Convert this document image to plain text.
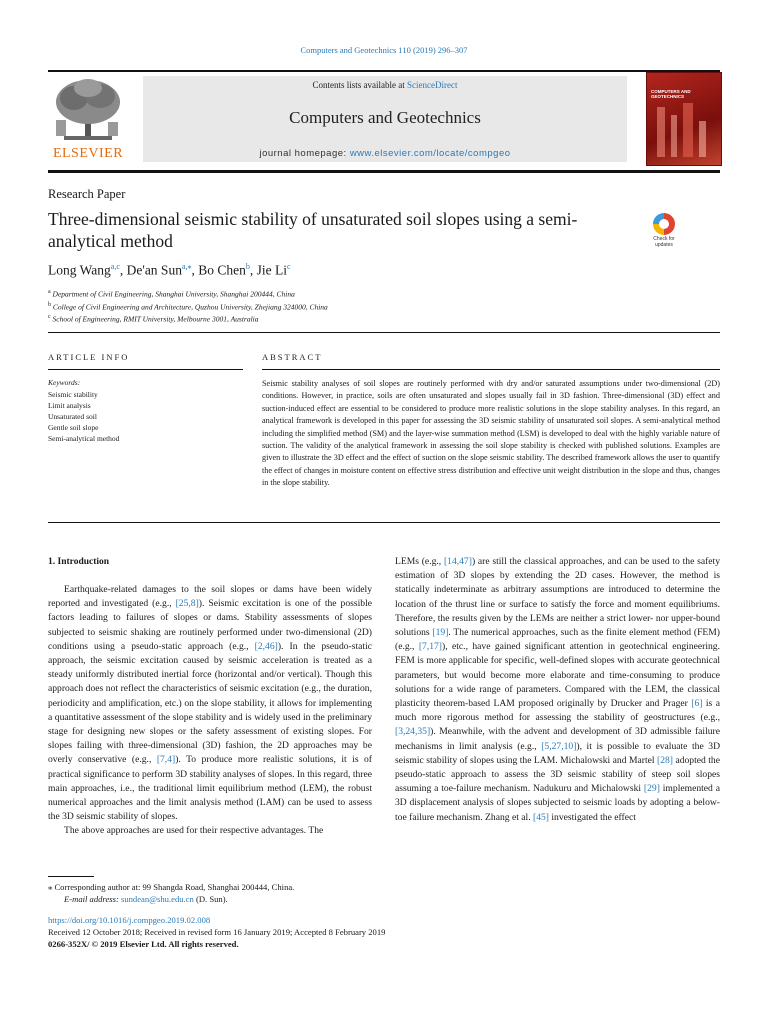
Computers and Geotechnics 110 (2019) 296–307
ELSEVIER
Contents lists available at ScienceDirect
Computers and Geotechnics
journal homepage: www.elsevier.com/locate/compgeo
COMPUTERS AND GEOTECHNICS
Research Paper
Three-dimensional seismic stability of unsaturated soil slopes using a semi-analytical method	Check for updates
Long Wang$^{a,c}$, De'an Sun$^{a,⁎}$, Bo Chen$^b$, Jie Li$^c$
$^a$ Department of Civil Engineering, Shanghai University, Shanghai 200444, China
$^b$ College of Civil Engineering and Architecture, Quzhou University, Zhejiang 324000, China
$^c$ School of Engineering, RMIT University, Melbourne 3001, Australia
ARTICLE INFO	ABSTRACT
Keywords:
Seismic stability
Limit analysis
Unsaturated soil
Gentle soil slope
Semi-analytical method
Seismic stability analyses of soil slopes are routinely performed with dry and/or saturated assumptions under two-dimensional (2D) conditions. However, in practice, soils are often unsaturated and slopes usually fail in 3D fashion. Three-dimensional (3D) effect and suction-induced effect are essential to be considered to produce more realistic solutions in the slope stability analyses. In this regard, an analytical framework is developed in this paper for assessing the 3D seismic stability of unsaturated soil slopes. A semi-analytical method including the simplified method (SM) and the layer-wise summation method (LSM) is developed to deal with the highly variable nature of suction. The validity of the analytical framework in assessing the soil slope stability is checked with published solutions. Examples are given to illustrate the 3D effect and the effect of suction on the slope seismic stability. The described framework allows the user to quantify the effect of changes in moisture content on effective stress distribution and effective unit weight distribution in the slope and thus, changes in the slope stability.
1. Introduction

Earthquake-related damages to the soil slopes or dams have been widely reported and investigated (e.g., [25,8]). Seismic excitation is one of the possible factors leading to failures of slopes or dams. Stability assessments of slopes subjected to seismic shaking are routinely performed under two-dimensional (2D) conditions using a pseudo-static approach (e.g., [2,46]). In the pseudo-static approach, the seismic excitation caused by seismic acceleration is treated as a steady uniformly distributed inertial force (horizontal and/or vertical). Though this approach does not reflect the characteristics of seismic excitation (e.g., the duration, periodicity and amplification, etc.) on the slope stability, it allows for implementing a quantitative assessment of the slope stability and is widely used in the preliminary stage for designing new slopes or the safety assessment of existing slopes. For slopes failing with three-dimensional (3D) fashion, the 2D approaches may be overly conservative (e.g., [7,4]). To produce more realistic solutions, it is of practical significance to perform 3D stability analyses of slopes. In this regard, three main approaches, i.e., the traditional limit equilibrium method (LEM), the robust numerical approaches and the limit analysis method (LAM) can be used to assess the 3D seismic stability of slopes.

The above approaches are used for their respective advantages. The

LEMs (e.g., [14,47]) are still the classical approaches, and can be used to the safety estimation of 3D slopes by extending the 2D cases. However, the method is statically indeterminate as arbitrary assumptions are introduced to determine the location of the thrust line or surface to satisfy the force and moment equilibriums. Therefore, the results given by the LEMs are neither a strict lower- nor upper-bound solutions [19]. The numerical approaches, such as the finite element method (FEM) (e.g., [7,17]), etc., have gained significant attention in geotechnical engineering. FEM is more applicable for specific, well-defined slopes with accurate geotechnical parameters, but would become more elaborate and time-consuming to produce solutions for a wide range of parameters. Compared with the LEM, the classical plasticity theorem-based LAM proposed originally by Drucker and Prager [6] is a much more rigorous method for assessing the stability of geostructures (e.g., [3,24,35]). Meanwhile, with the advent and development of 3D admissible failure mechanisms in limit analysis (e.g., [5,27,10]), it is possible to evaluate the 3D seismic stability of slopes using the LAM. Michalowski and Martel [28] adopted the pseudo-static approach to assess the 3D seismic stability of steep soil slopes assuming a toe-failure mechanism. Nadukuru and Michalowski [29] implemented a 3D displacement analysis of slopes subjected to seismic loads by adopting a below-toe failure mechanism. Zhang et al. [45] investigated the effect

⁎ Corresponding author at: 99 Shangda Road, Shanghai 200444, China.
E-mail address: sundean@shu.edu.cn (D. Sun).
https://doi.org/10.1016/j.compgeo.2019.02.008
Received 12 October 2018; Received in revised form 16 January 2019; Accepted 8 February 2019
0266-352X/ © 2019 Elsevier Ltd. All rights reserved.
